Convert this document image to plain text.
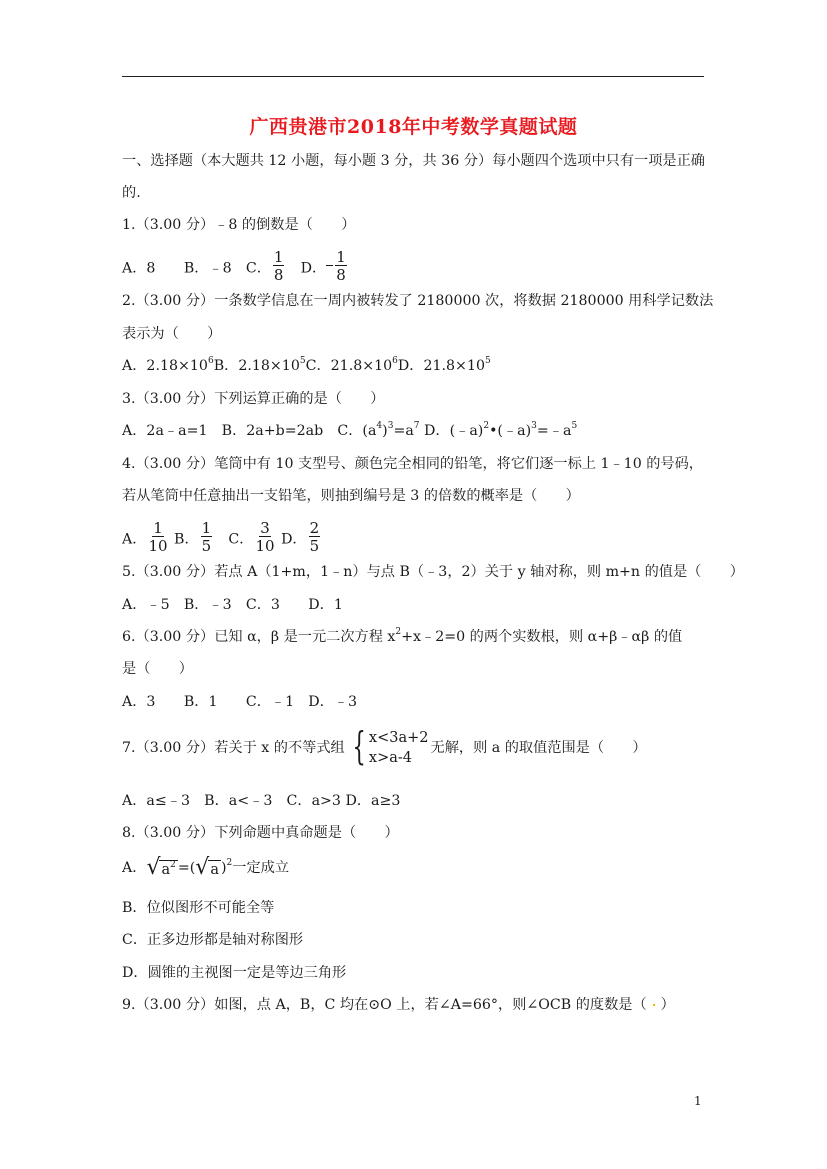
广西贵港市2018年中考数学真题试题
一、选择题（本大题共 12 小题，每小题 3 分，共 36 分）每小题四个选项中只有一项是正确
的.
1.（3.00 分）﹣8 的倒数是（　　）
A．8　　B．﹣8　C． $\frac{1}{8}$ 　D． $\frac{1}{8}$
2.（3.00 分）一条数学信息在一周内被转发了 2180000 次，将数据 2180000 用科学记数法
表示为（　　）
A．$2.18\times 10^6B$．$2.18\times 10^5C$．$21.8\times 10^6D$．$21.8\times 10^5$
3.（3.00 分）下列运算正确的是（　　）
A．2a﹣a=1　B．2a+b=2ab　C．$(a^4)^3=a^7$ D．$(﹣a)^2•(﹣a)^3=﹣a^5$
4.（3.00 分）笔筒中有 10 支型号、颜色完全相同的铅笔，将它们逐一标上 1﹣10 的号码，
若从笔筒中任意抽出一支铅笔，则抽到编号是 3 的倍数的概率是（　　）
A． $\frac{1}{10}$ B． $\frac{1}{5}$ 　C． $\frac{3}{10}$ D． $\frac{2}{5}$
5.（3.00 分）若点 A（1+m，1﹣n）与点 B（﹣3，2）关于 y 轴对称，则 m+n 的值是（　　）
A．﹣5　B．﹣3　C．3　　D．1
6.（3.00 分）已知 α，β 是一元二次方程 $x^2+x﹣2=0$ 的两个实数根，则 α+β﹣αβ 的值
是（　　）
A．3　　B．1　　C．﹣1　D．﹣3
7.（3.00 分）若关于 x 的不等式组 { x<3a+2
x>a-4
无解，则 a 的取值范围是（　　）
A．a≤﹣3　B．a<﹣3　C．a>3 D．a≥3
8.（3.00 分）下列命题中真命题是（　　）
A． √ $a^2$ =( √ a )$^2$一定成立
B．位似图形不可能全等
C．正多边形都是轴对称图形
D．圆锥的主视图一定是等边三角形
9.（3.00 分）如图，点 A，B，C 均在⊙O 上，若∠A=66°，则∠OCB 的度数是（ ）
1
